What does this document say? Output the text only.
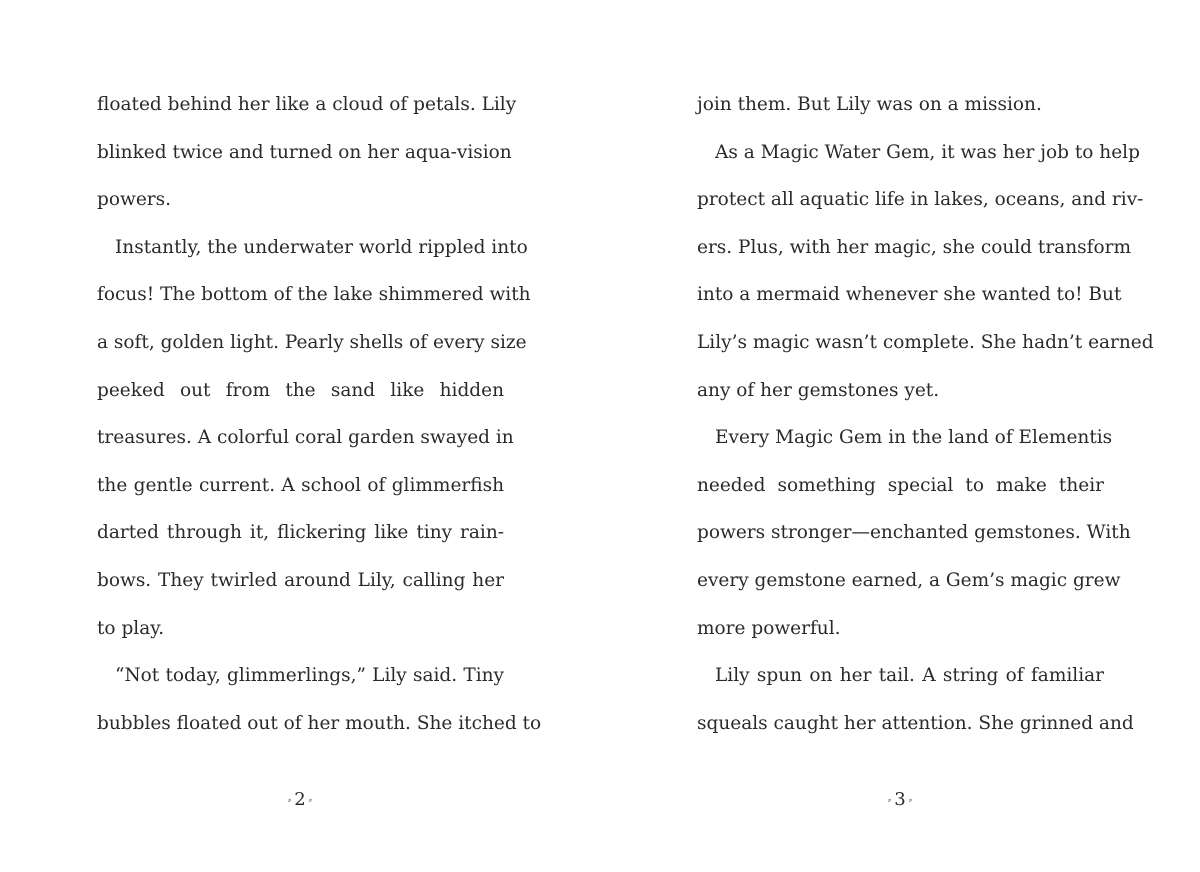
floated behind her like a cloud of petals. Lily
blinked twice and turned on her aqua-vision
powers.
Instantly, the underwater world rippled into
focus! The bottom of the lake shimmered with
a soft, golden light. Pearly shells of every size
peeked out from the sand like hidden
treasures. A colorful coral garden swayed in
the gentle current. A school of glimmerfish
darted through it, flickering like tiny rain-
bows. They twirled around Lily, calling her
to play.
“Not today, glimmerlings,” Lily said. Tiny
bubbles floated out of her mouth. She itched to
join them. But Lily was on a mission.
As a Magic Water Gem, it was her job to help
protect all aquatic life in lakes, oceans, and riv-
ers. Plus, with her magic, she could transform
into a mermaid whenever she wanted to! But
Lily’s magic wasn’t complete. She hadn’t earned
any of her gemstones yet.
Every Magic Gem in the land of Elementis
needed something special to make their
powers stronger—enchanted gemstones. With
every gemstone earned, a Gem’s magic grew
more powerful.
Lily spun on her tail. A string of familiar
squeals caught her attention. She grinned and
⸗ 2 ⸗	⸗ 3 ⸗
